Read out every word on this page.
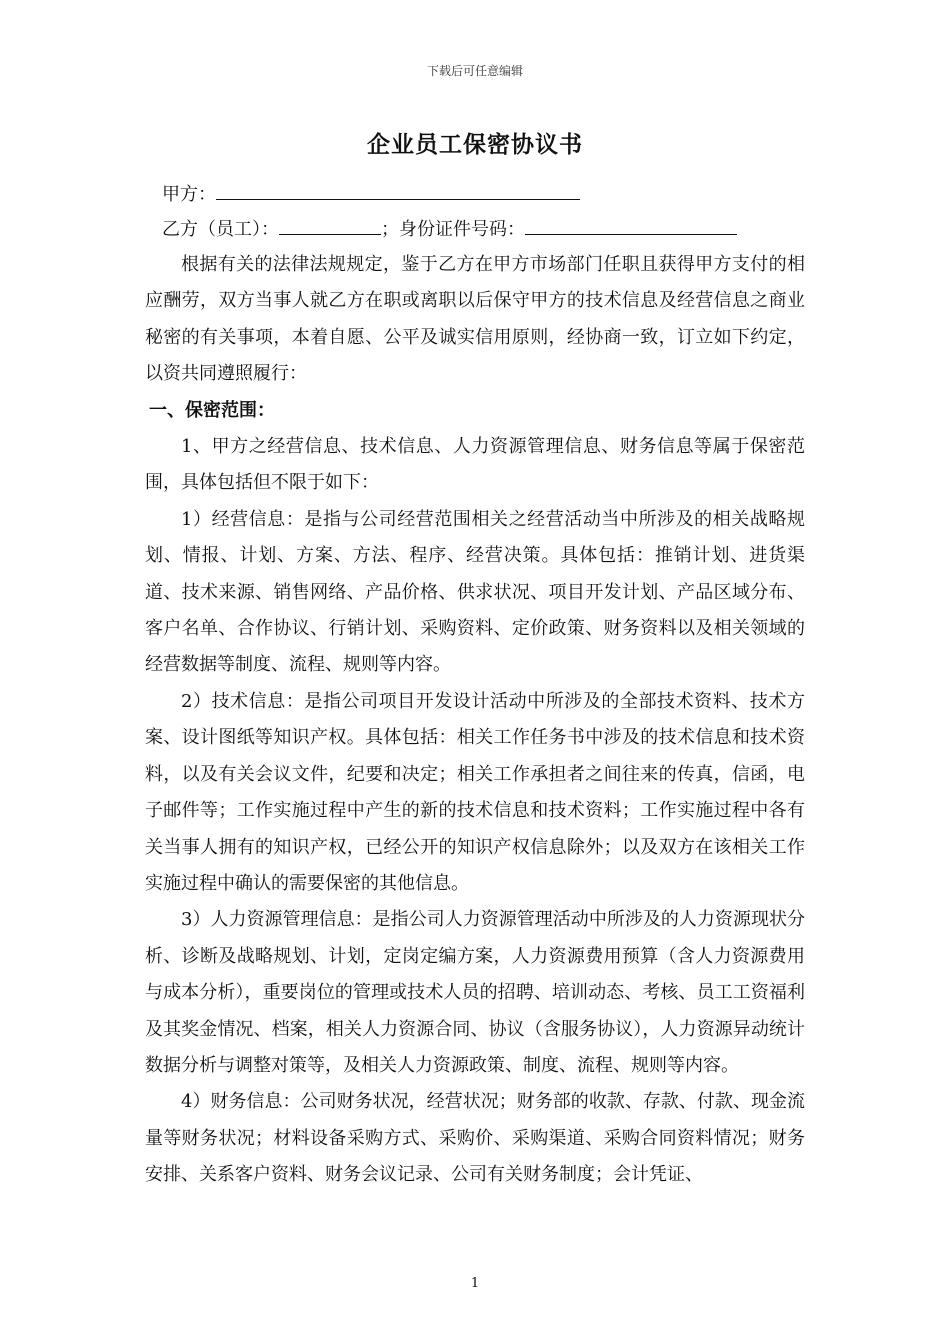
下载后可任意编辑
企业员工保密协议书
甲方：
乙方（员工）：	；身份证件号码：

根据有关的法律法规规定，鉴于乙方在甲方市场部门任职且获得甲方支付的相应酬劳，双方当事人就乙方在职或离职以后保守甲方的技术信息及经营信息之商业秘密的有关事项，本着自愿、公平及诚实信用原则，经协商一致，订立如下约定，以资共同遵照履行：

一、保密范围：

1、甲方之经营信息、技术信息、人力资源管理信息、财务信息等属于保密范围，具体包括但不限于如下：

1）经营信息：是指与公司经营范围相关之经营活动当中所涉及的相关战略规划、情报、计划、方案、方法、程序、经营决策。具体包括：推销计划、进货渠道、技术来源、销售网络、产品价格、供求状况、项目开发计划、产品区域分布、客户名单、合作协议、行销计划、采购资料、定价政策、财务资料以及相关领域的经营数据等制度、流程、规则等内容。

2）技术信息：是指公司项目开发设计活动中所涉及的全部技术资料、技术方案、设计图纸等知识产权。具体包括：相关工作任务书中涉及的技术信息和技术资料，以及有关会议文件，纪要和决定；相关工作承担者之间往来的传真，信函，电子邮件等；工作实施过程中产生的新的技术信息和技术资料；工作实施过程中各有关当事人拥有的知识产权，已经公开的知识产权信息除外；以及双方在该相关工作实施过程中确认的需要保密的其他信息。

3）人力资源管理信息：是指公司人力资源管理活动中所涉及的人力资源现状分析、诊断及战略规划、计划，定岗定编方案，人力资源费用预算（含人力资源费用与成本分析），重要岗位的管理或技术人员的招聘、培训动态、考核、员工工资福利及其奖金情况、档案，相关人力资源合同、协议（含服务协议），人力资源异动统计数据分析与调整对策等，及相关人力资源政策、制度、流程、规则等内容。

4）财务信息：公司财务状况，经营状况；财务部的收款、存款、付款、现金流量等财务状况；材料设备采购方式、采购价、采购渠道、采购合同资料情况；财务安排、关系客户资料、财务会议记录、公司有关财务制度；会计凭证、

1
